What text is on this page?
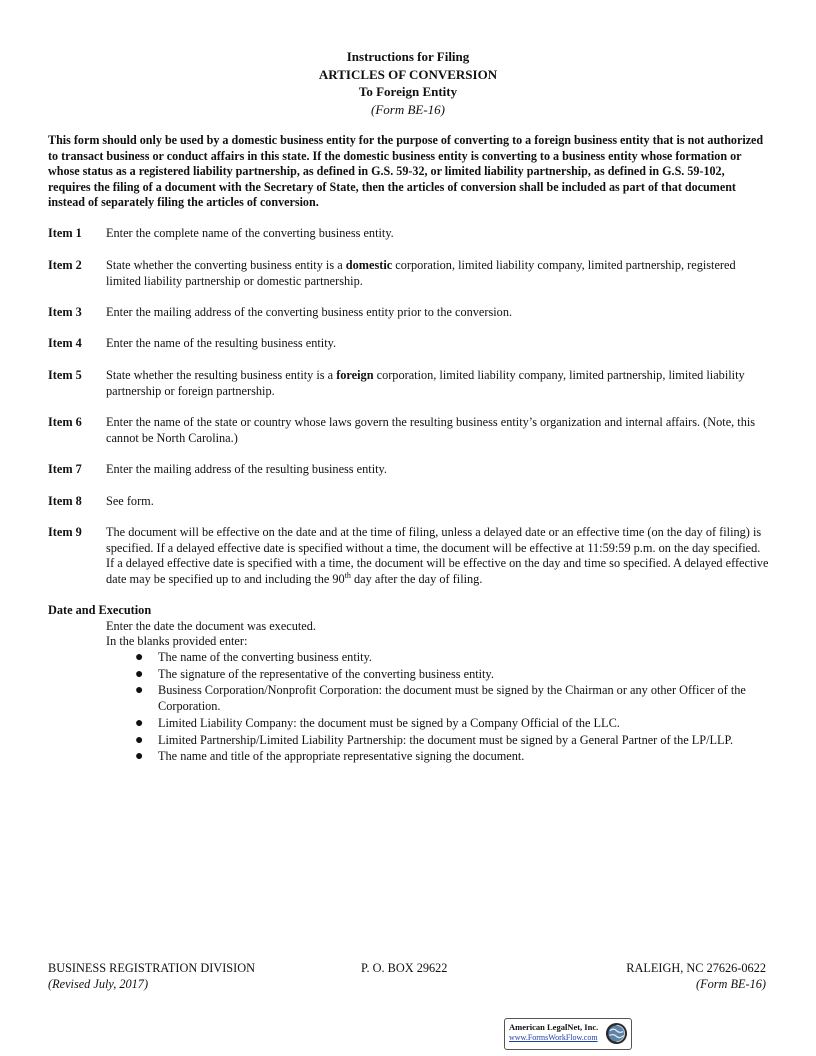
Instructions for Filing
ARTICLES OF CONVERSION
To Foreign Entity
(Form BE-16)
This form should only be used by a domestic business entity for the purpose of converting to a foreign business entity that is not authorized to transact business or conduct affairs in this state. If the domestic business entity is converting to a business entity whose formation or whose status as a registered liability partnership, as defined in G.S. 59-32, or limited liability partnership, as defined in G.S. 59-102, requires the filing of a document with the Secretary of State, then the articles of conversion shall be included as part of that document instead of separately filing the articles of conversion.
Item 1 Enter the complete name of the converting business entity.
Item 2 State whether the converting business entity is a domestic corporation, limited liability company, limited partnership, registered limited liability partnership or domestic partnership.
Item 3 Enter the mailing address of the converting business entity prior to the conversion.
Item 4 Enter the name of the resulting business entity.
Item 5 State whether the resulting business entity is a foreign corporation, limited liability company, limited partnership, limited liability partnership or foreign partnership.
Item 6 Enter the name of the state or country whose laws govern the resulting business entity’s organization and internal affairs. (Note, this cannot be North Carolina.)
Item 7 Enter the mailing address of the resulting business entity.
Item 8 See form.
Item 9 The document will be effective on the date and at the time of filing, unless a delayed date or an effective time (on the day of filing) is specified. If a delayed effective date is specified without a time, the document will be effective at 11:59:59 p.m. on the day specified. If a delayed effective date is specified with a time, the document will be effective on the day and time so specified. A delayed effective date may be specified up to and including the 90th day after the day of filing.
Date and Execution
Enter the date the document was executed.
In the blanks provided enter:
● The name of the converting business entity.
● The signature of the representative of the converting business entity.
● Business Corporation/Nonprofit Corporation: the document must be signed by the Chairman or any other Officer of the Corporation.
● Limited Liability Company: the document must be signed by a Company Official of the LLC.
● Limited Partnership/Limited Liability Partnership: the document must be signed by a General Partner of the LP/LLP.
● The name and title of the appropriate representative signing the document.
BUSINESS REGISTRATION DIVISION	P. O. BOX 29622	RALEIGH, NC 27626-0622
(Revised July, 2017)	(Form BE-16)
American LegalNet, Inc.
www.FormsWorkFlow.com
